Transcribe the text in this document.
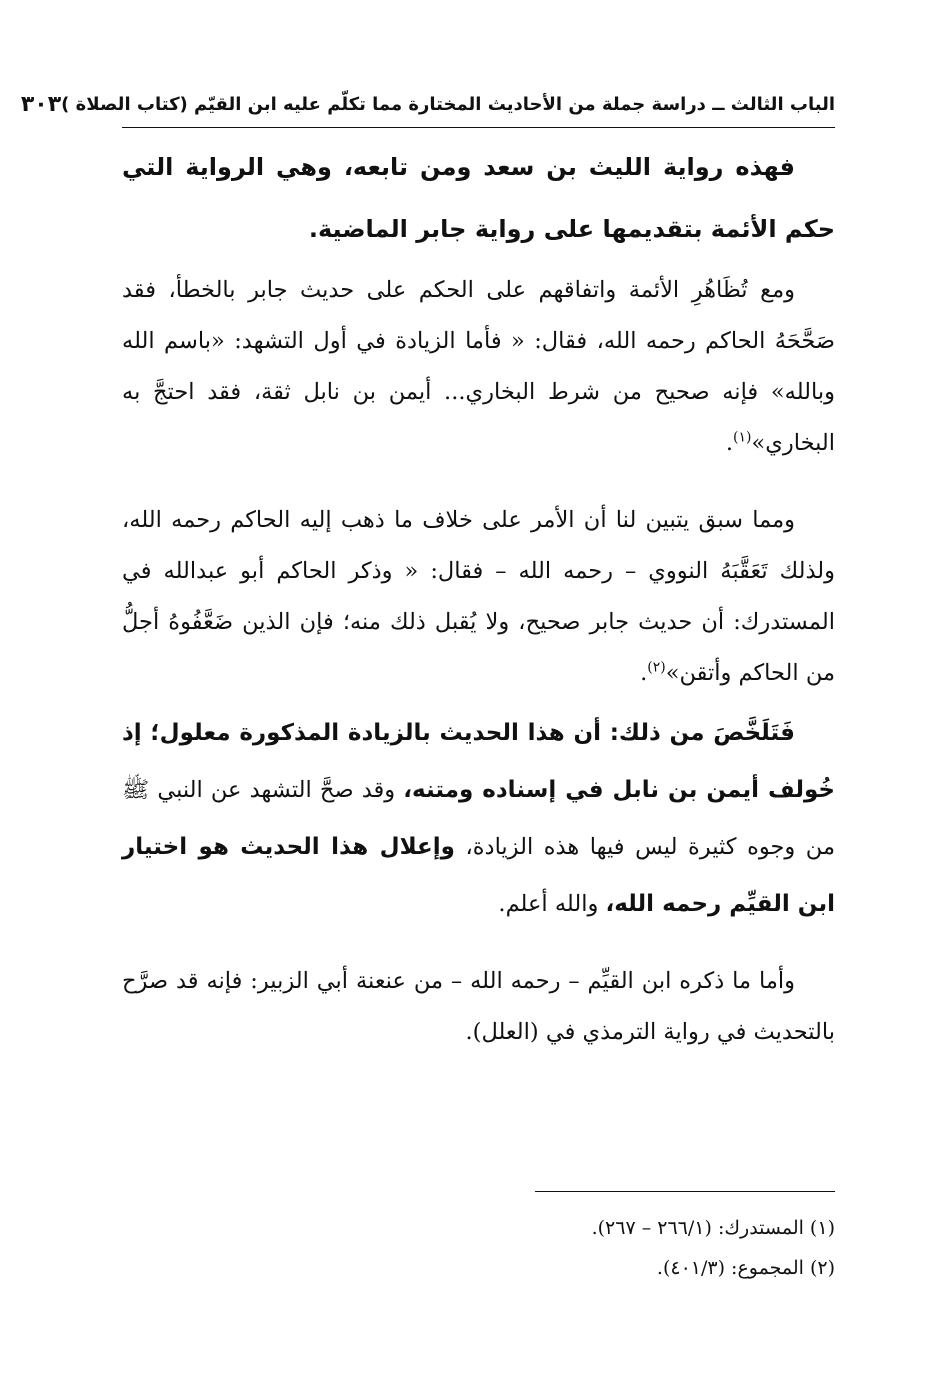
الباب الثالث ــ دراسة جملة من الأحاديث المختارة مما تكلّم عليه ابن القيّم (كتاب الصلاة )
٣٠٣

فهذه رواية الليث بن سعد ومن تابعه، وهي الرواية التي حكم الأئمة بتقديمها على رواية جابر الماضية.

ومع تُظَاهُرِ الأئمة واتفاقهم على الحكم على حديث جابر بالخطأ، فقد صَحَّحَهُ الحاكم رحمه الله، فقال: « فأما الزيادة في أول التشهد: «باسم الله وبالله» فإنه صحيح من شرط البخاري... أيمن بن نابل ثقة، فقد احتجَّ به البخاري»$^{(١)}$.

ومما سبق يتبين لنا أن الأمر على خلاف ما ذهب إليه الحاكم رحمه الله، ولذلك تَعَقَّبَهُ النووي – رحمه الله – فقال: « وذكر الحاكم أبو عبدالله في المستدرك: أن حديث جابر صحيح، ولا يُقبل ذلك منه؛ فإن الذين ضَعَّفُوهُ أجلُّ من الحاكم وأتقن»$^{(٢)}$.

فَتَلَخَّصَ من ذلك: أن هذا الحديث بالزيادة المذكورة معلول؛ إذ خُولف أيمن بن نابل في إسناده ومتنه، وقد صحَّ التشهد عن النبي ﷺ من وجوه كثيرة ليس فيها هذه الزيادة، وإعلال هذا الحديث هو اختيار ابن القيِّم رحمه الله، والله أعلم.

وأما ما ذكره ابن القيِّم – رحمه الله – من عنعنة أبي الزبير: فإنه قد صرَّح بالتحديث في رواية الترمذي في (العلل).

(١) المستدرك: (٢٦٦/١ – ٢٦٧).
(٢) المجموع: (٤٠١/٣).
